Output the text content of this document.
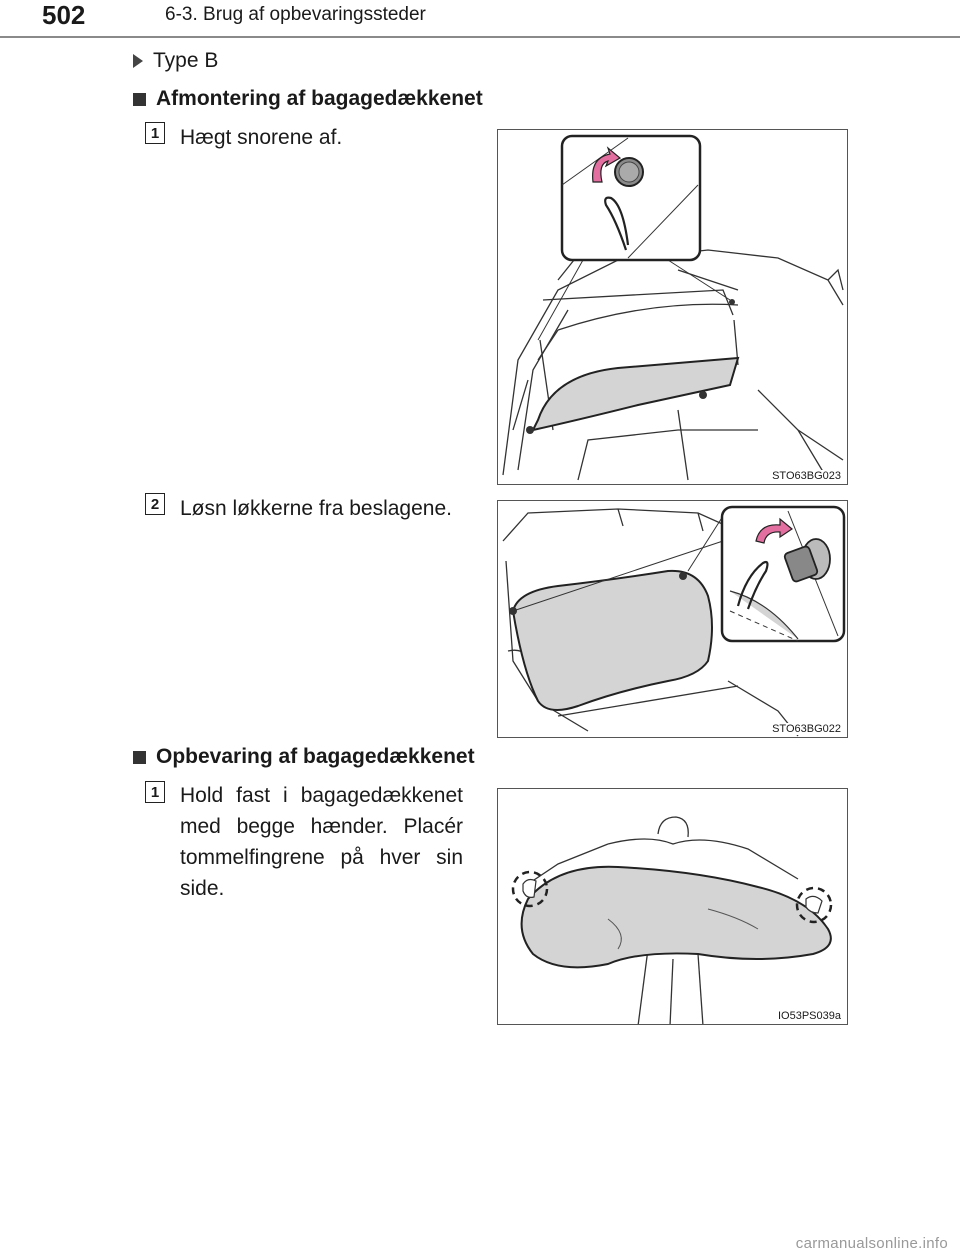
502	6-3. Brug af opbevaringssteder
Type B
Afmontering af bagagedækkenet
1 Hægt snorene af.
STO63BG023
2 Løsn løkkerne fra beslagene.
STO63BG022
Opbevaring af bagagedækkenet
1 Hold fast i bagagedækkenet med begge hænder. Placér tommelfingrene på hver sin side.
IO53PS039a
carmanualsonline.info
